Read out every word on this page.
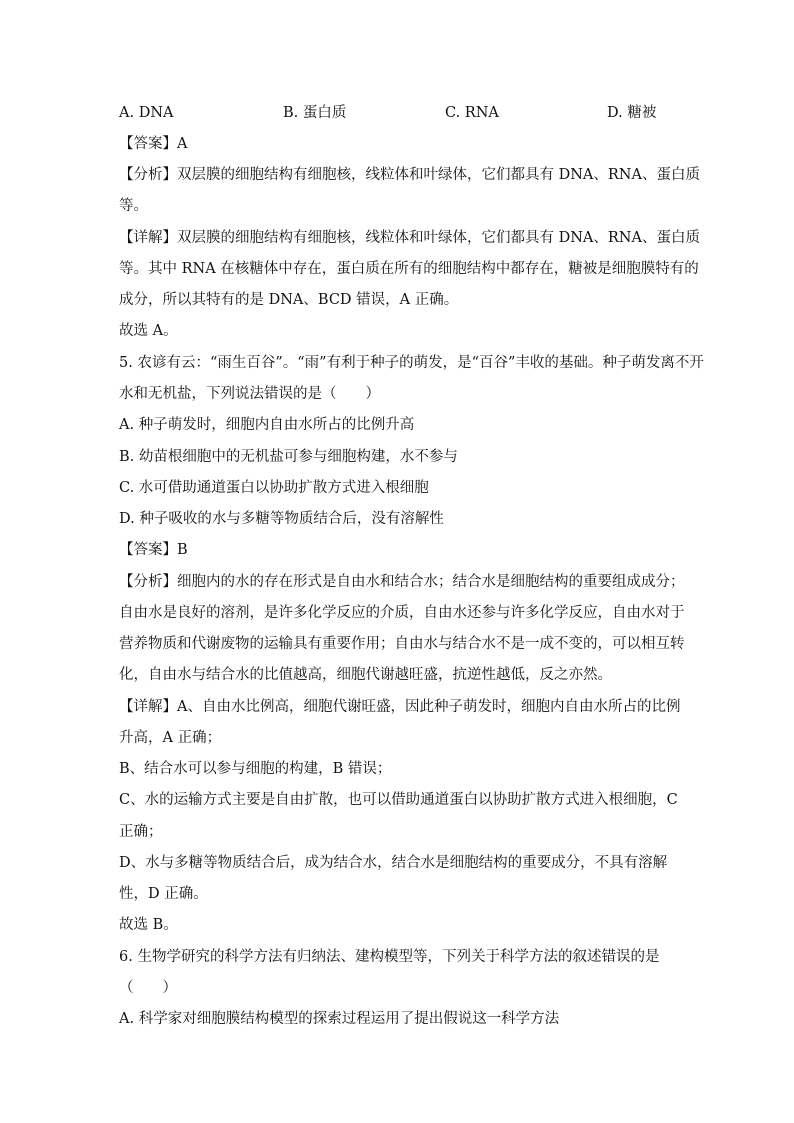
A. DNA	B. 蛋白质	C. RNA	D. 糖被
【答案】A
【分析】双层膜的细胞结构有细胞核，线粒体和叶绿体，它们都具有 DNA、RNA、蛋白质
等。
【详解】双层膜的细胞结构有细胞核，线粒体和叶绿体，它们都具有 DNA、RNA、蛋白质
等。其中 RNA 在核糖体中存在，蛋白质在所有的细胞结构中都存在，糖被是细胞膜特有的
成分，所以其特有的是 DNA、BCD 错误，A 正确。
故选 A。
5. 农谚有云：“雨生百谷”。“雨”有利于种子的萌发，是“百谷”丰收的基础。种子萌发离不开
水和无机盐，下列说法错误的是（　　）
A. 种子萌发时，细胞内自由水所占的比例升高
B. 幼苗根细胞中的无机盐可参与细胞构建，水不参与
C. 水可借助通道蛋白以协助扩散方式进入根细胞
D. 种子吸收的水与多糖等物质结合后，没有溶解性
【答案】B
【分析】细胞内的水的存在形式是自由水和结合水；结合水是细胞结构的重要组成成分；
自由水是良好的溶剂，是许多化学反应的介质，自由水还参与许多化学反应，自由水对于
营养物质和代谢废物的运输具有重要作用；自由水与结合水不是一成不变的，可以相互转
化，自由水与结合水的比值越高，细胞代谢越旺盛，抗逆性越低，反之亦然。
【详解】A、自由水比例高，细胞代谢旺盛，因此种子萌发时，细胞内自由水所占的比例
升高，A 正确；
B、结合水可以参与细胞的构建，B 错误；
C、水的运输方式主要是自由扩散，也可以借助通道蛋白以协助扩散方式进入根细胞，C
正确；
D、水与多糖等物质结合后，成为结合水，结合水是细胞结构的重要成分，不具有溶解
性，D 正确。
故选 B。
6. 生物学研究的科学方法有归纳法、建构模型等，下列关于科学方法的叙述错误的是
（　　）
A. 科学家对细胞膜结构模型的探索过程运用了提出假说这一科学方法
